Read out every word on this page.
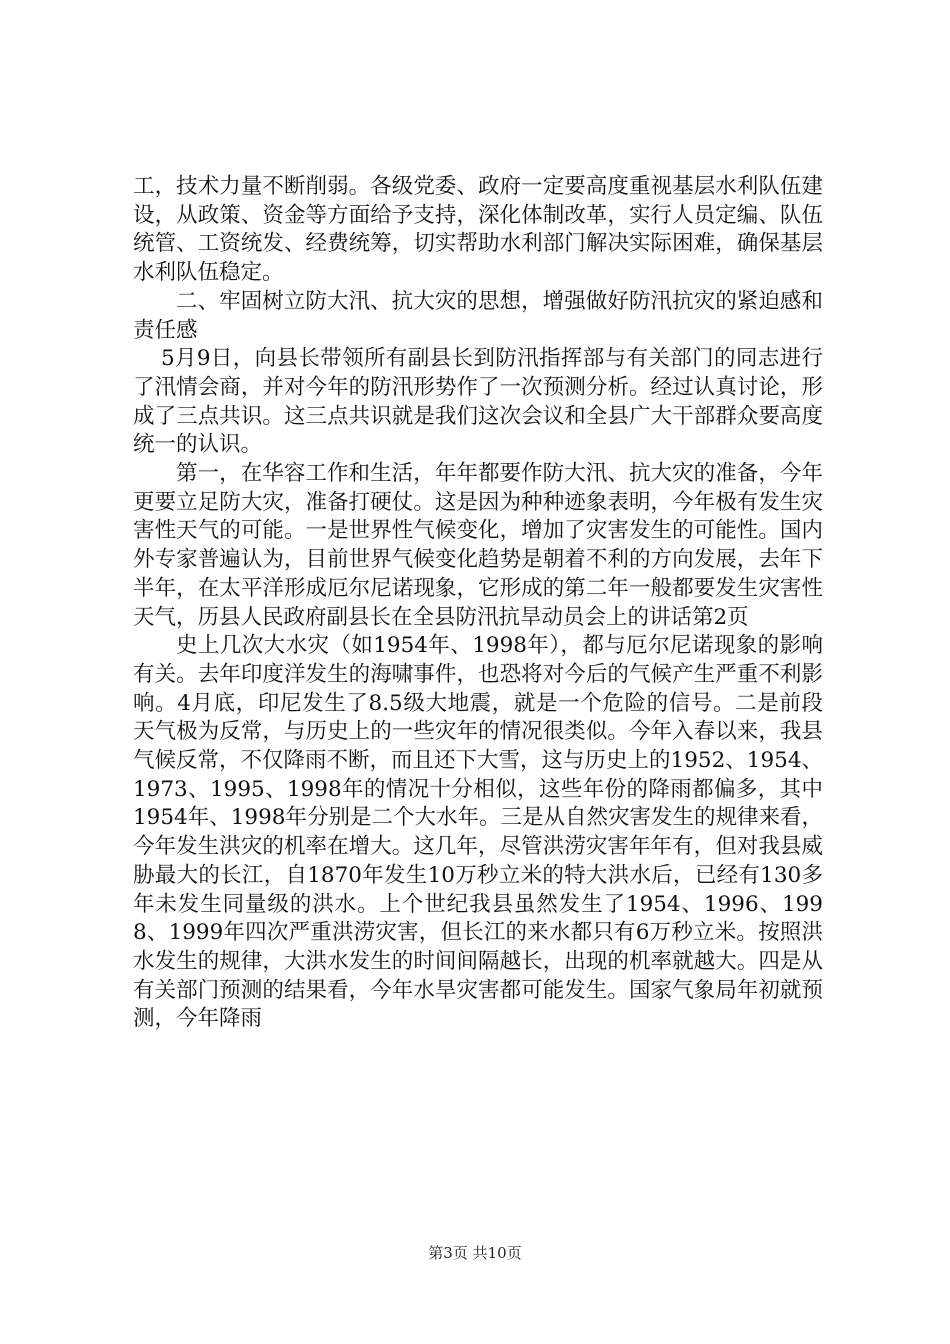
工，技术力量不断削弱。各级党委、政府一定要高度重视基层水利队伍建设，从政策、资金等方面给予支持，深化体制改革，实行人员定编、队伍统管、工资统发、经费统筹，切实帮助水利部门解决实际困难，确保基层水利队伍稳定。

二、牢固树立防大汛、抗大灾的思想，增强做好防汛抗灾的紧迫感和责任感

5月9日，向县长带领所有副县长到防汛指挥部与有关部门的同志进行了汛情会商，并对今年的防汛形势作了一次预测分析。经过认真讨论，形成了三点共识。这三点共识就是我们这次会议和全县广大干部群众要高度统一的认识。

第一，在华容工作和生活，年年都要作防大汛、抗大灾的准备，今年更要立足防大灾，准备打硬仗。这是因为种种迹象表明，今年极有发生灾害性天气的可能。一是世界性气候变化，增加了灾害发生的可能性。国内外专家普遍认为，目前世界气候变化趋势是朝着不利的方向发展，去年下半年，在太平洋形成厄尔尼诺现象，它形成的第二年一般都要发生灾害性天气，历县人民政府副县长在全县防汛抗旱动员会上的讲话第2页

史上几次大水灾（如1954年、1998年），都与厄尔尼诺现象的影响有关。去年印度洋发生的海啸事件，也恐将对今后的气候产生严重不利影响。4月底，印尼发生了8.5级大地震，就是一个危险的信号。二是前段天气极为反常，与历史上的一些灾年的情况很类似。今年入春以来，我县气候反常，不仅降雨不断，而且还下大雪，这与历史上的1952、1954、1973、1995、1998年的情况十分相似，这些年份的降雨都偏多，其中1954年、1998年分别是二个大水年。三是从自然灾害发生的规律来看，今年发生洪灾的机率在增大。这几年，尽管洪涝灾害年年有，但对我县威胁最大的长江，自1870年发生10万秒立米的特大洪水后，已经有130多年未发生同量级的洪水。上个世纪我县虽然发生了1954、1996、1998、1999年四次严重洪涝灾害，但长江的来水都只有6万秒立米。按照洪水发生的规律，大洪水发生的时间间隔越长，出现的机率就越大。四是从有关部门预测的结果看，今年水旱灾害都可能发生。国家气象局年初就预测，今年降雨

第3页 共10页
